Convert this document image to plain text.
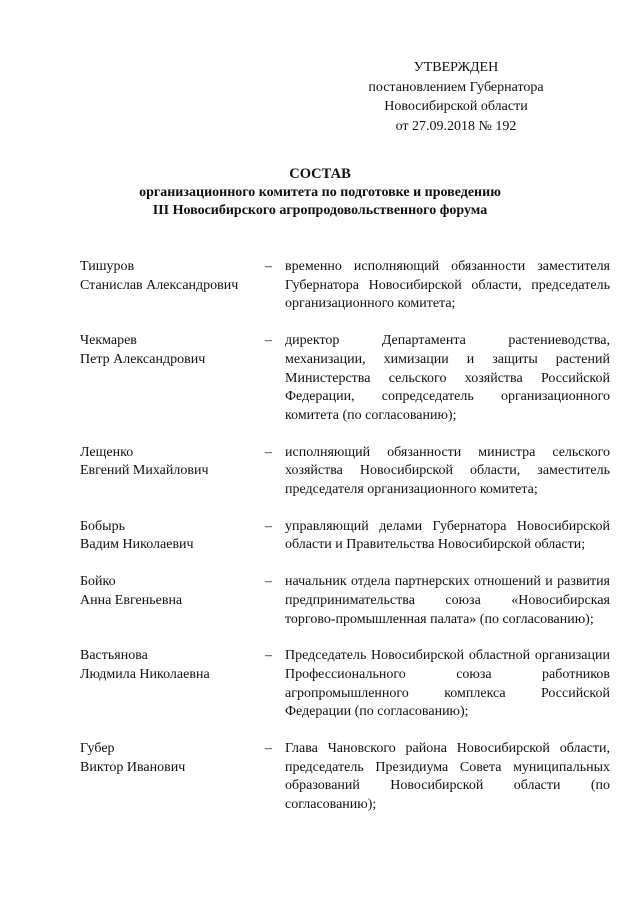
УТВЕРЖДЕН
постановлением Губернатора
Новосибирской области
от 27.09.2018 № 192
СОСТАВ
организационного комитета по подготовке и проведению
III Новосибирского агропродовольственного форума
Тишуров
Станислав Александрович
– временно исполняющий обязанности заместителя Губернатора Новосибирской области, председатель организационного комитета;
Чекмарев
Петр Александрович
– директор Департамента растениеводства, механизации, химизации и защиты растений Министерства сельского хозяйства Российской Федерации, сопредседатель организационного комитета (по согласованию);
Лещенко
Евгений Михайлович
– исполняющий обязанности министра сельского хозяйства Новосибирской области, заместитель председателя организационного комитета;
Бобырь
Вадим Николаевич
– управляющий делами Губернатора Новосибирской области и Правительства Новосибирской области;
Бойко
Анна Евгеньевна
– начальник отдела партнерских отношений и развития предпринимательства союза «Новосибирская торгово-промышленная палата» (по согласованию);
Вастьянова
Людмила Николаевна
– Председатель Новосибирской областной организации Профессионального союза работников агропромышленного комплекса Российской Федерации (по согласованию);
Губер
Виктор Иванович
– Глава Чановского района Новосибирской области, председатель Президиума Совета муниципальных образований Новосибирской области (по согласованию);
